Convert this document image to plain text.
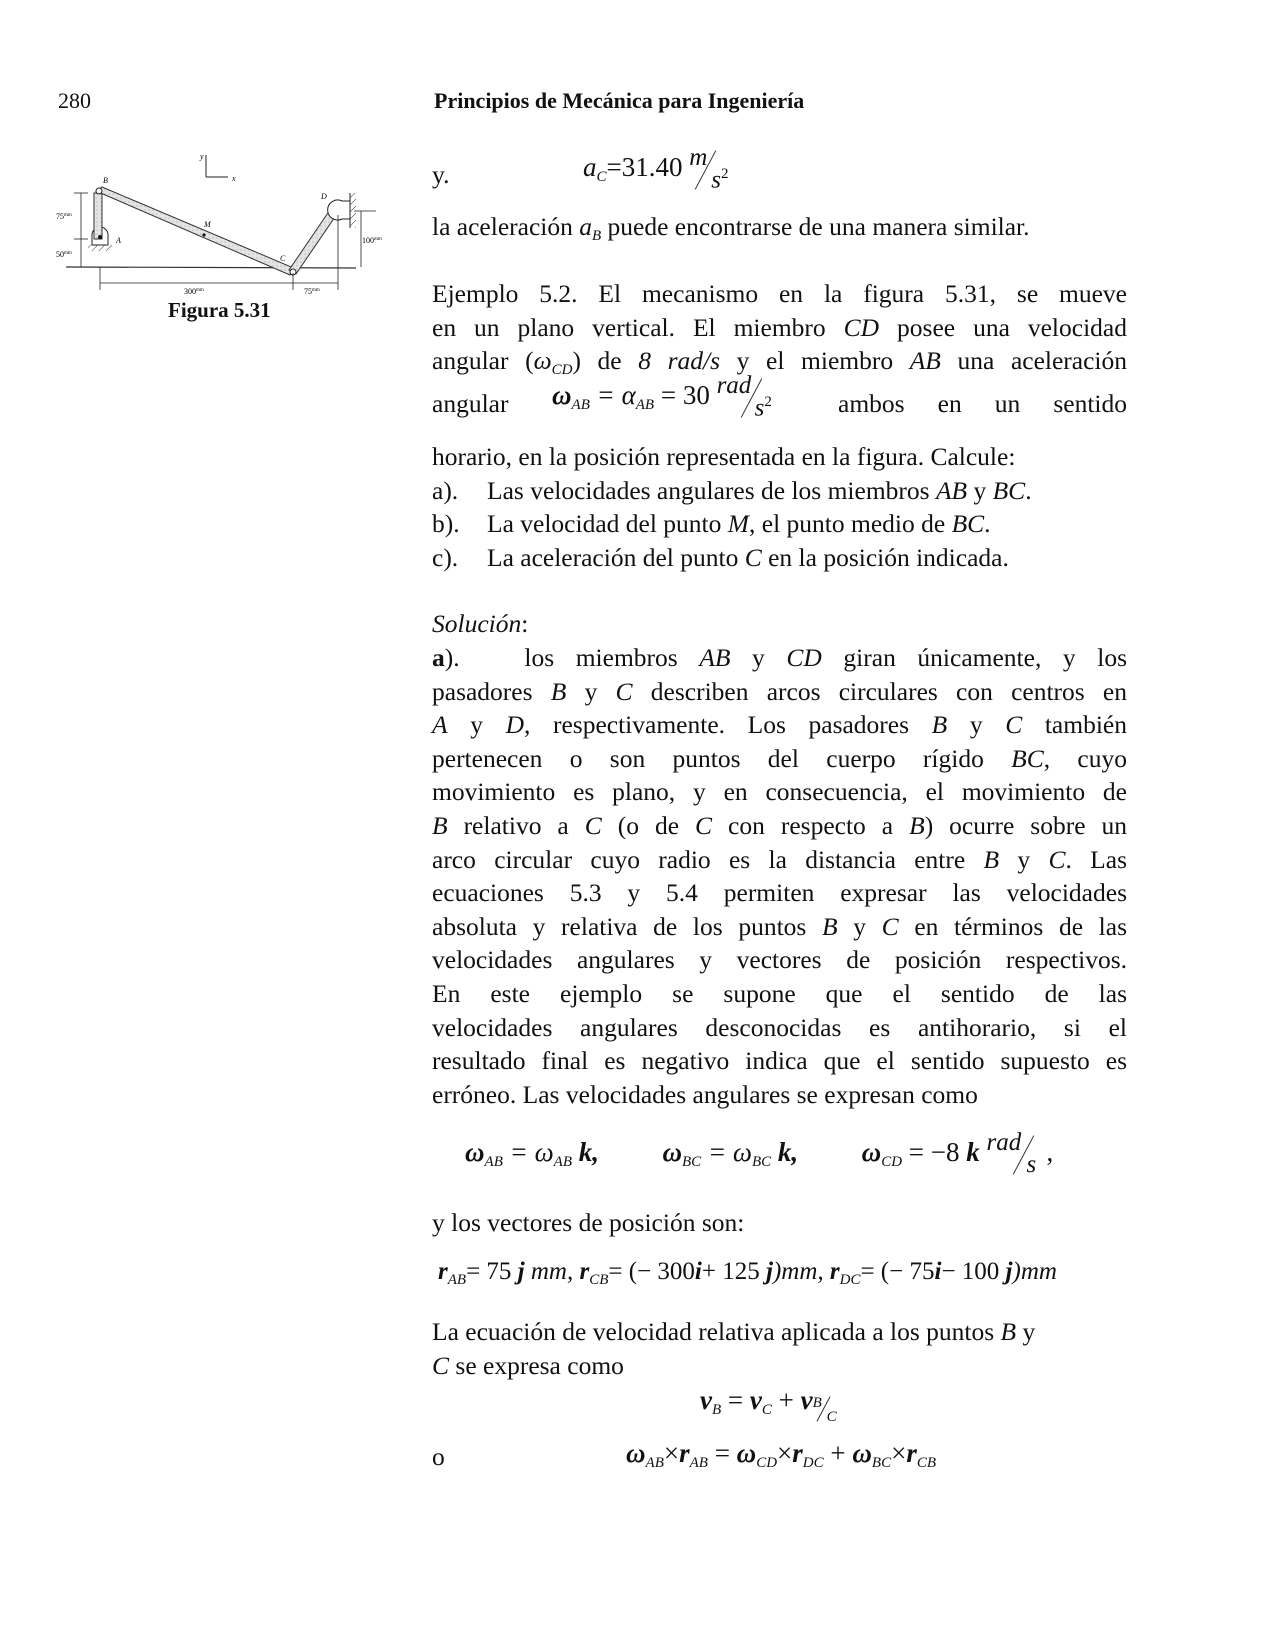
280	Principios de Mecánica para Ingeniería
y
x
$75^{mm}$
$50^{mm}$
$100^{mm}$
$300^{mm}$	$75^{mm}$
B
A
M
C
D
Figura 5.31
y.	$a_C=31.40$ m
$s^2$
la aceleración $a_B$ puede encontrarse de una manera similar.
Ejemplo 5.2. El mecanismo en la figura 5.31, se mueve
en un plano vertical. El miembro CD posee una velocidad
angular $(\omega_{CD})$ de 8 rad/s y el miembro AB una aceleración
angular $\omega_{AB} = \alpha_{AB} = 30$ rad
$s^2$	ambos en un sentido
horario, en la posición representada en la figura. Calcule:
a). Las velocidades angulares de los miembros AB y BC.
b). La velocidad del punto M, el punto medio de BC.
c). La aceleración del punto C en la posición indicada.
Solución:
a).   los miembros AB y CD giran únicamente, y los
pasadores B y C describen arcos circulares con centros en
A y D, respectivamente. Los pasadores B y C también
pertenecen o son puntos del cuerpo rígido BC, cuyo
movimiento es plano, y en consecuencia, el movimiento de
B relativo a C (o de C con respecto a B) ocurre sobre un
arco circular cuyo radio es la distancia entre B y C. Las
ecuaciones 5.3 y 5.4 permiten expresar las velocidades
absoluta y relativa de los puntos B y C en términos de las
velocidades angulares y vectores de posición respectivos.
En este ejemplo se supone que el sentido de las
velocidades angulares desconocidas es antihorario, si el
resultado final es negativo indica que el sentido supuesto es
erróneo. Las velocidades angulares se expresan como
$\omega_{AB} = \omega_{AB}$ k, $\omega_{BC} = \omega_{BC}$ k, $\omega_{CD} = -8$ k rad
s ,
y los vectores de posición son:
$r_{AB}= 75$ j mm, $r_{CB}=$ (− 300i+ 125 j)mm, $r_{DC}=$ (− 75i− 100 j)mm
La ecuación de velocidad relativa aplicada a los puntos B y
C se expresa como
$v_B = v_C + v$ B
C
o	$\omega_{AB}\times r_{AB} = \omega_{CD}\times r_{DC} + \omega_{BC}\times r_{CB}$
